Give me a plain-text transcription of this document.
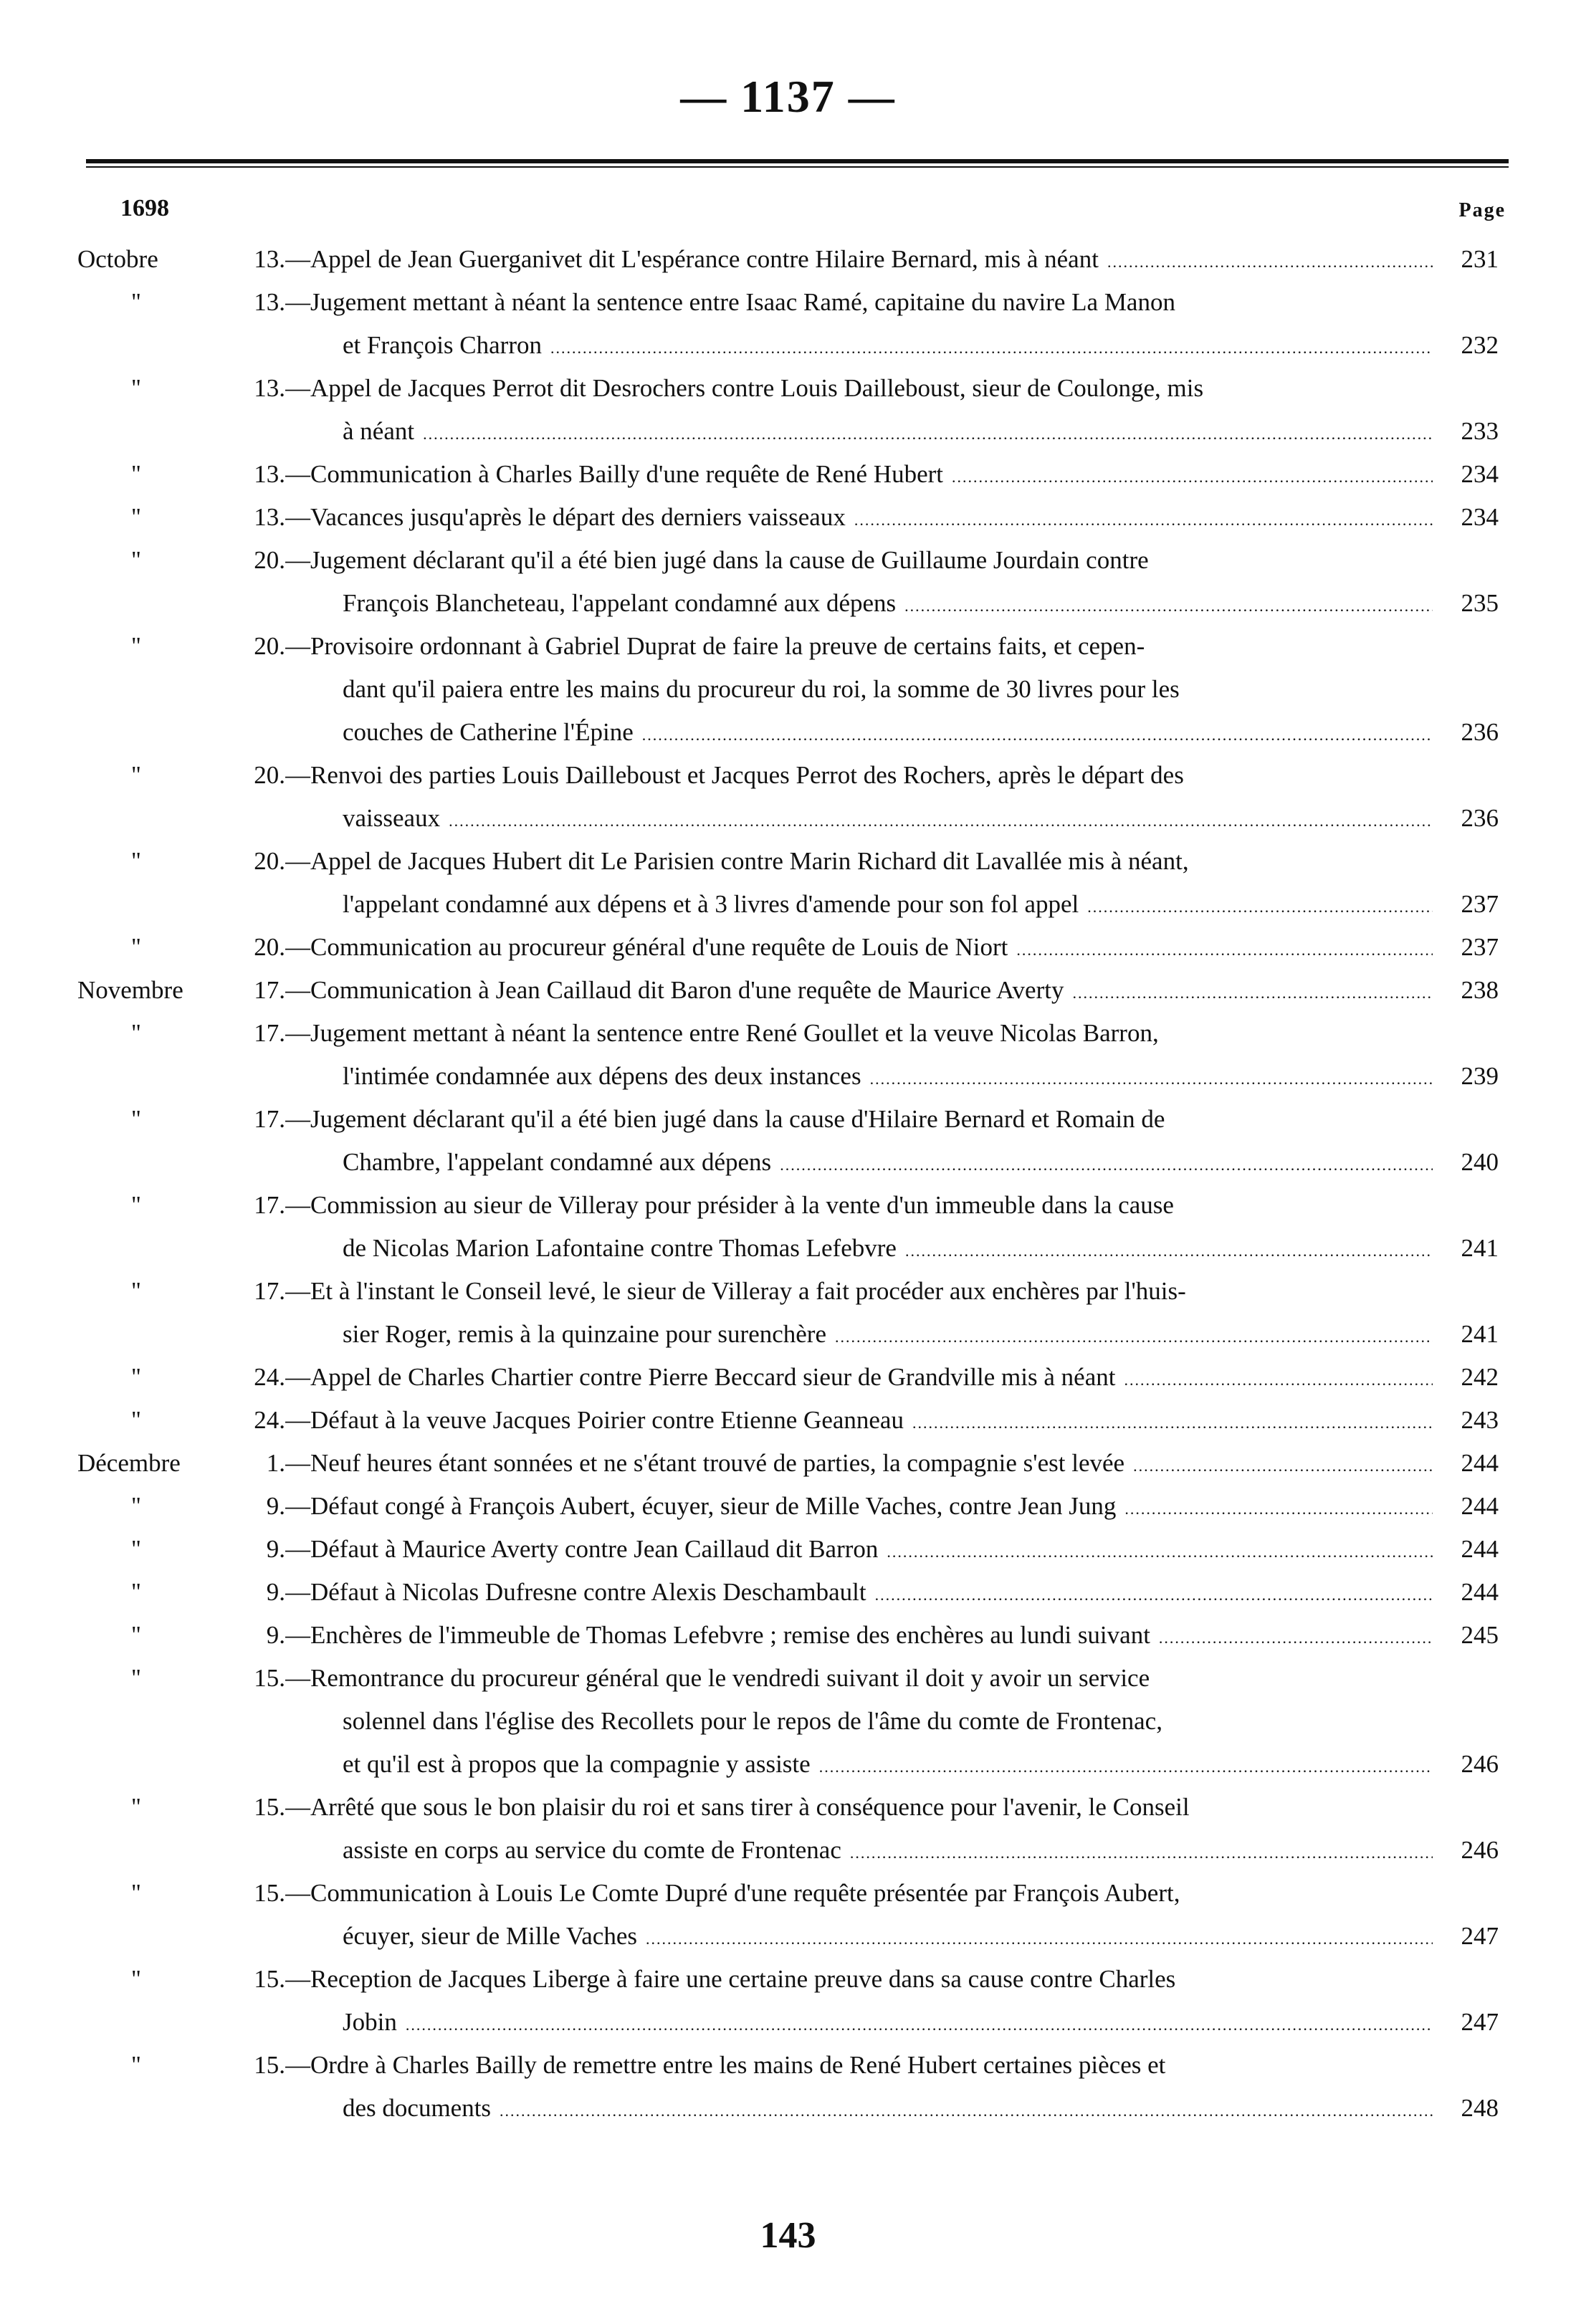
— 1137 —
1698	Page
Octobre	13. —Appel de Jean Guerganivet dit L'espérance contre Hilaire Bernard, mis à néant .....	231
"	13. —Jugement mettant à néant la sentence entre Isaac Ramé, capitaine du navire La Manon
et François Charron .....	232
"	13. —Appel de Jacques Perrot dit Desrochers contre Louis Dailleboust, sieur de Coulonge, mis
à néant .....	233
"	13. —Communication à Charles Bailly d'une requête de René Hubert .....	234
"	13. —Vacances jusqu'après le départ des derniers vaisseaux .....	234
"	20. —Jugement déclarant qu'il a été bien jugé dans la cause de Guillaume Jourdain contre
François Blancheteau, l'appelant condamné aux dépens .....	235
"	20. —Provisoire ordonnant à Gabriel Duprat de faire la preuve de certains faits, et cepen-
dant qu'il paiera entre les mains du procureur du roi, la somme de 30 livres pour les
couches de Catherine l'Épine .....	236
"	20. —Renvoi des parties Louis Dailleboust et Jacques Perrot des Rochers, après le départ des
vaisseaux .....	236
"	20. —Appel de Jacques Hubert dit Le Parisien contre Marin Richard dit Lavallée mis à néant,
l'appelant condamné aux dépens et à 3 livres d'amende pour son fol appel .....	237
"	20. —Communication au procureur général d'une requête de Louis de Niort .....	237
Novembre	17. —Communication à Jean Caillaud dit Baron d'une requête de Maurice Averty .....	238
"	17. —Jugement mettant à néant la sentence entre René Goullet et la veuve Nicolas Barron,
l'intimée condamnée aux dépens des deux instances .....	239
"	17. —Jugement déclarant qu'il a été bien jugé dans la cause d'Hilaire Bernard et Romain de
Chambre, l'appelant condamné aux dépens .....	240
"	17. —Commission au sieur de Villeray pour présider à la vente d'un immeuble dans la cause
de Nicolas Marion Lafontaine contre Thomas Lefebvre .....	241
"	17. —Et à l'instant le Conseil levé, le sieur de Villeray a fait procéder aux enchères par l'huis-
sier Roger, remis à la quinzaine pour surenchère .....	241
"	24. —Appel de Charles Chartier contre Pierre Beccard sieur de Grandville mis à néant .....	242
"	24. —Défaut à la veuve Jacques Poirier contre Etienne Geanneau .....	243
Décembre	1. —Neuf heures étant sonnées et ne s'étant trouvé de parties, la compagnie s'est levée .....	244
"	9. —Défaut congé à François Aubert, écuyer, sieur de Mille Vaches, contre Jean Jung .....	244
"	9. —Défaut à Maurice Averty contre Jean Caillaud dit Barron .....	244
"	9. —Défaut à Nicolas Dufresne contre Alexis Deschambault .....	244
"	9. —Enchères de l'immeuble de Thomas Lefebvre ; remise des enchères au lundi suivant .....	245
"	15. —Remontrance du procureur général que le vendredi suivant il doit y avoir un service
solennel dans l'église des Recollets pour le repos de l'âme du comte de Frontenac,
et qu'il est à propos que la compagnie y assiste .....	246
"	15. —Arrêté que sous le bon plaisir du roi et sans tirer à conséquence pour l'avenir, le Conseil
assiste en corps au service du comte de Frontenac .....	246
"	15. —Communication à Louis Le Comte Dupré d'une requête présentée par François Aubert,
écuyer, sieur de Mille Vaches .....	247
"	15. —Reception de Jacques Liberge à faire une certaine preuve dans sa cause contre Charles
Jobin .....	247
"	15. —Ordre à Charles Bailly de remettre entre les mains de René Hubert certaines pièces et
des documents .....	248
143
